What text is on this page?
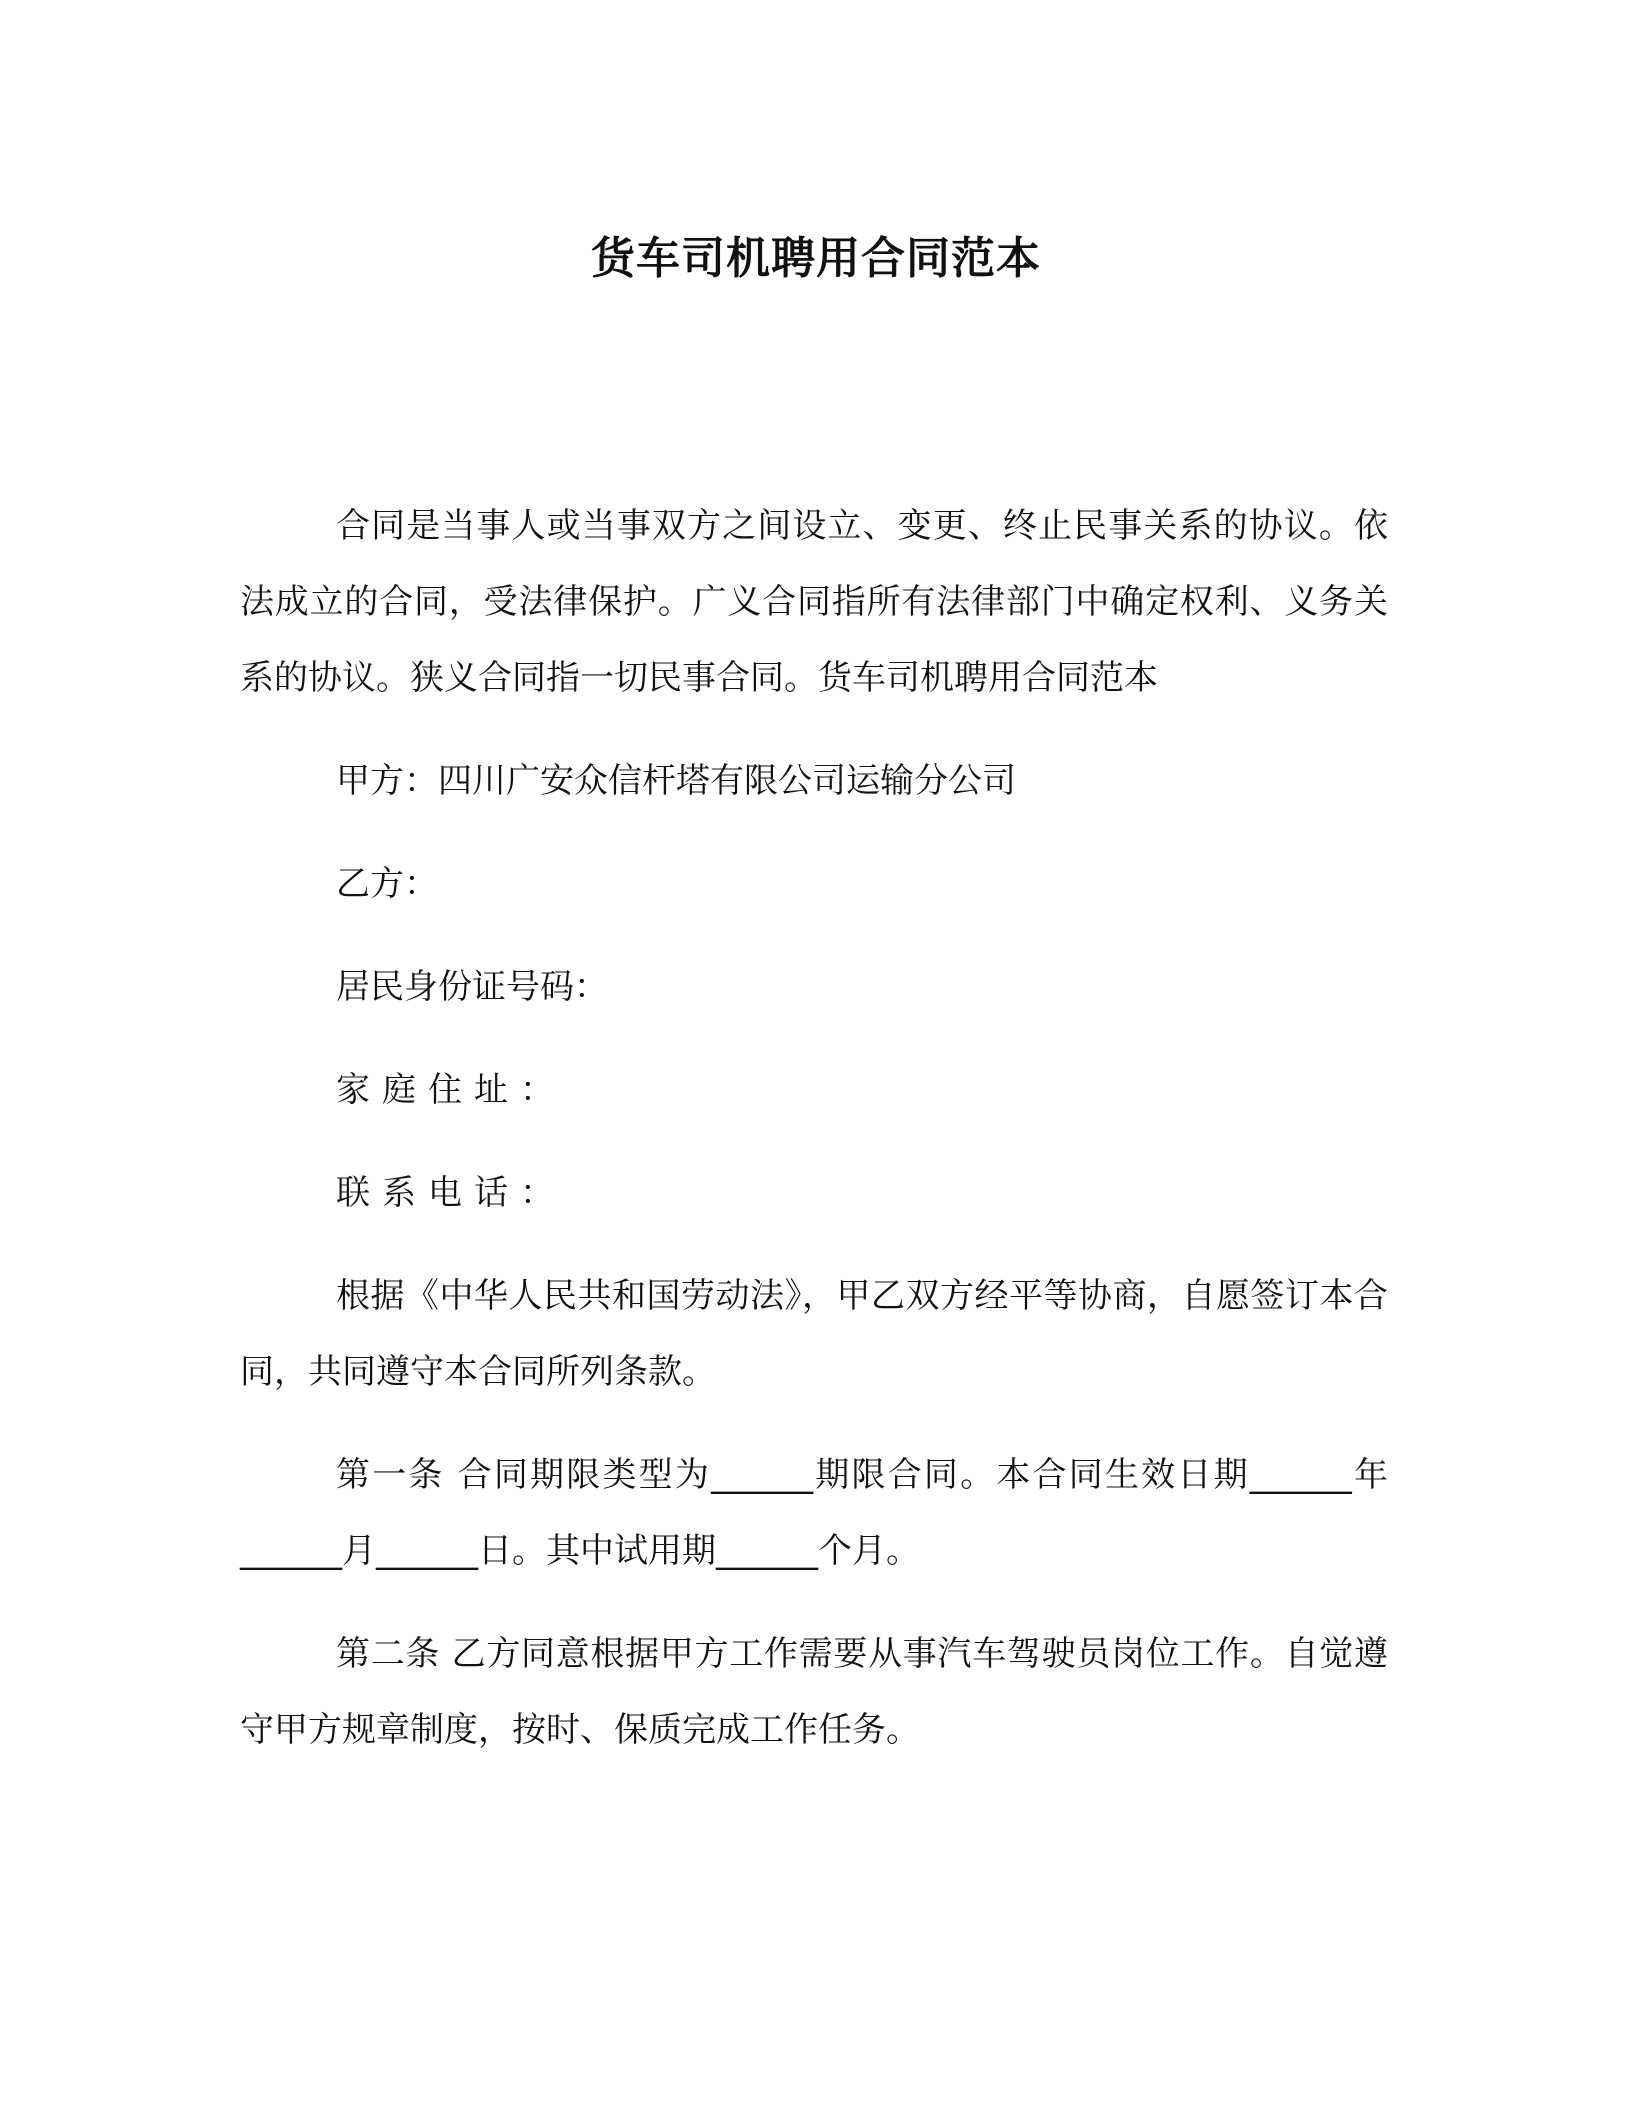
货车司机聘用合同范本

合同是当事人或当事双方之间设立、变更、终止民事关系的协议。依法成立的合同，受法律保护。广义合同指所有法律部门中确定权利、义务关系的协议。狭义合同指一切民事合同。货车司机聘用合同范本

甲方：四川广安众信杆塔有限公司运输分公司

乙方：

居民身份证号码：

家庭住址：

联系电话：

根据《中华人民共和国劳动法》，甲乙双方经平等协商，自愿签订本合同，共同遵守本合同所列条款。

第一条 合同期限类型为______期限合同。本合同生效日期______年______月______日。其中试用期______个月。

第二条 乙方同意根据甲方工作需要从事汽车驾驶员岗位工作。自觉遵守甲方规章制度，按时、保质完成工作任务。
